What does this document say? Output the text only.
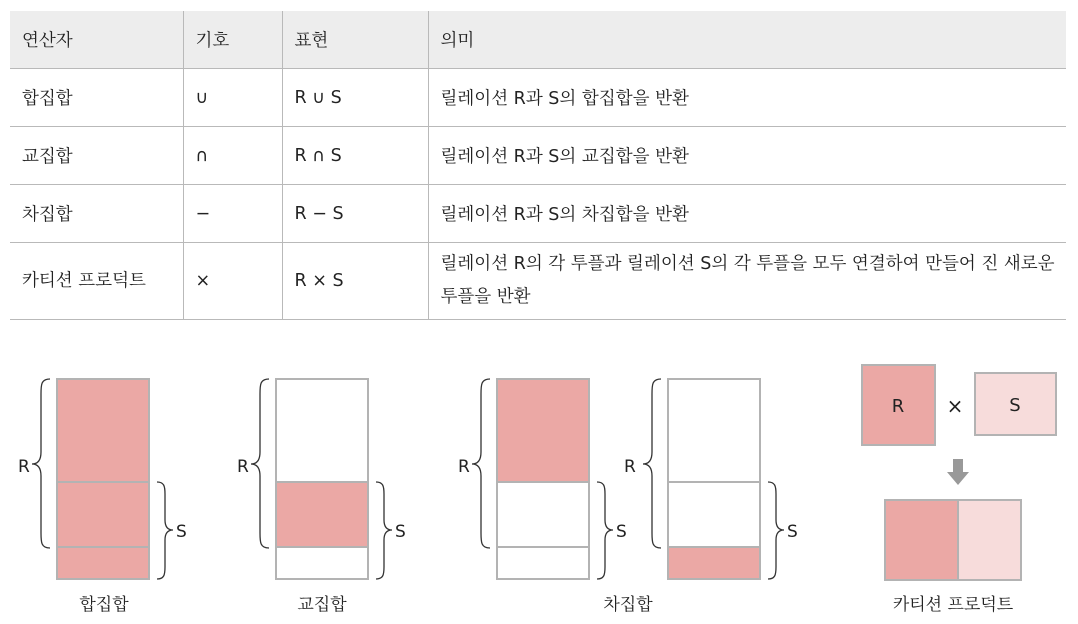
연산자	기호	표현	의미
합집합	∪	R ∪ S	릴레이션 R과 S의 합집합을 반환
교집합	∩	R ∩ S	릴레이션 R과 S의 교집합을 반환
차집합	−	R − S	릴레이션 R과 S의 차집합을 반환
카티션 프로덕트	×	R × S	릴레이션 R의 각 투플과 릴레이션 S의 각 투플을 모두 연결하여 만들어 진 새로운 투플을 반환
R
S
합집합
R
S
교집합
R
S
R
S
차집합
R ×	S
카티션 프로덕트
